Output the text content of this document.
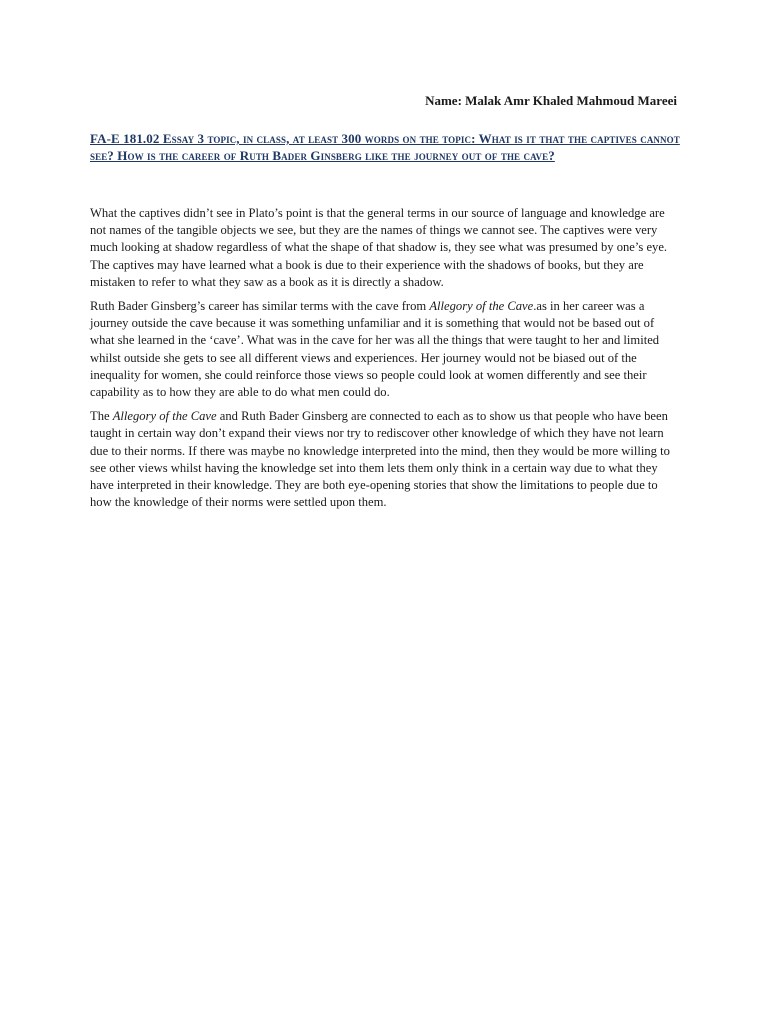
Name: Malak Amr Khaled Mahmoud Mareei
FA-E 181.02 Essay 3 topic, in class, at least 300 words on the topic: What is it that the captives cannot see? How is the career of Ruth Bader Ginsberg like the journey out of the cave?

What the captives didn’t see in Plato’s point is that the general terms in our source of language and knowledge are not names of the tangible objects we see, but they are the names of things we cannot see. The captives were very much looking at shadow regardless of what the shape of that shadow is, they see what was presumed by one’s eye. The captives may have learned what a book is due to their experience with the shadows of books, but they are mistaken to refer to what they saw as a book as it is directly a shadow.

Ruth Bader Ginsberg’s career has similar terms with the cave from Allegory of the Cave.as in her career was a journey outside the cave because it was something unfamiliar and it is something that would not be based out of what she learned in the ‘cave’. What was in the cave for her was all the things that were taught to her and limited whilst outside she gets to see all different views and experiences. Her journey would not be biased out of the inequality for women, she could reinforce those views so people could look at women differently and see their capability as to how they are able to do what men could do.

The Allegory of the Cave and Ruth Bader Ginsberg are connected to each as to show us that people who have been taught in certain way don’t expand their views nor try to rediscover other knowledge of which they have not learn due to their norms. If there was maybe no knowledge interpreted into the mind, then they would be more willing to see other views whilst having the knowledge set into them lets them only think in a certain way due to what they have interpreted in their knowledge. They are both eye-opening stories that show the limitations to people due to how the knowledge of their norms were settled upon them.
